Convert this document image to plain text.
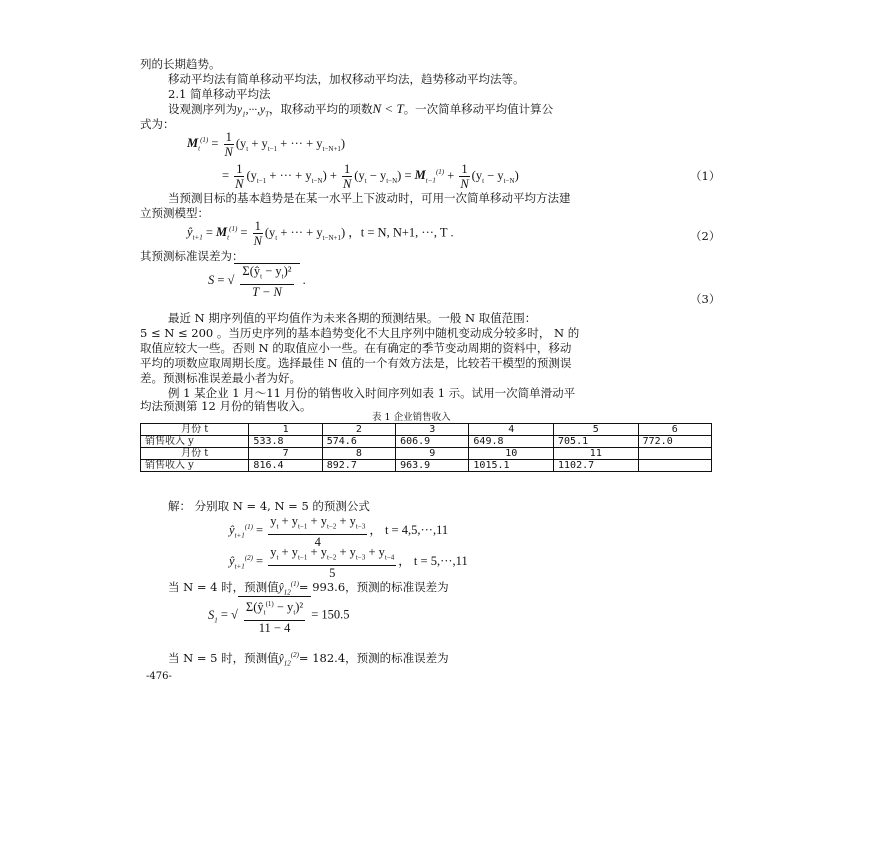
列的长期趋势。
移动平均法有简单移动平均法，加权移动平均法，趋势移动平均法等。
2.1 简单移动平均法
设观测序列为$y_1,\cdot\cdot\cdot,y_T$，取移动平均的项数N < T。一次简单移动平均值计算公
式为：
$M_t^{(1)} = \frac{1}{N} (y_t + y_{t-1}$ + ··· + $y_{t-N+1}$)
= $\frac{1}{N} (y_{t-1}$ + ··· + $y_{t-N}) + \frac{1}{N} (y_t - y_{t-N}) = M_{t-1}^{(1)} + \frac{1}{N} (y_t - y_{t-N})$	（1）
当预测目标的基本趋势是在某一水平上下波动时，可用一次简单移动平均方法建
立预测模型：
$ŷ_{t+1} = M_t^{(1)} = \frac{1}{N} (y_t$ + ··· + $y_{t-N+1}$) ，t = N, N+1, ···, T .	（2）
其预测标准误差为：
S = √ $\frac{\Sigma(ŷ_t - y_t)^2}{T - N}$ .
（3）
最近 N 期序列值的平均值作为未来各期的预测结果。一般 N 取值范围：
5 ≤ N ≤ 200 。当历史序列的基本趋势变化不大且序列中随机变动成分较多时， N 的
取值应较大一些。否则 N 的取值应小一些。在有确定的季节变动周期的资料中，移动
平均的项数应取周期长度。选择最佳 N 值的一个有效方法是，比较若干模型的预测误
差。预测标准误差最小者为好。
例 1 某企业 1 月～11 月份的销售收入时间序列如表 1 示。试用一次简单滑动平
均法预测第 12 月份的销售收入。
表 1 企业销售收入
月份 t	1	2	3	4	5	6
销售收入 y	533.8	574.6	606.9	649.8	705.1	772.0
月份 t	7	8	9	10	11	
销售收入 y	816.4	892.7	963.9	1015.1	1102.7	
解： 分别取 N = 4, N = 5 的预测公式
$ŷ_{t+1}^{(1)} = \frac{y_t + y_{t-1} + y_{t-2} + y_{t-3}}{4}$ ， t = 4,5,···,11
$ŷ_{t+1}^{(2)} = \frac{y_t + y_{t-1} + y_{t-2} + y_{t-3} + y_{t-4}}{5}$ ， t = 5,···,11
当 N = 4 时，预测值$ŷ_{12}^{(1)}= 993.6$，预测的标准误差为
$S_1$ = √ $\frac{\Sigma(ŷ_t^{(1)} - y_t)^2}{11 - 4} = 150.5$
当 N = 5 时，预测值$ŷ_{12}^{(2)}= 182.4$，预测的标准误差为
-476-
